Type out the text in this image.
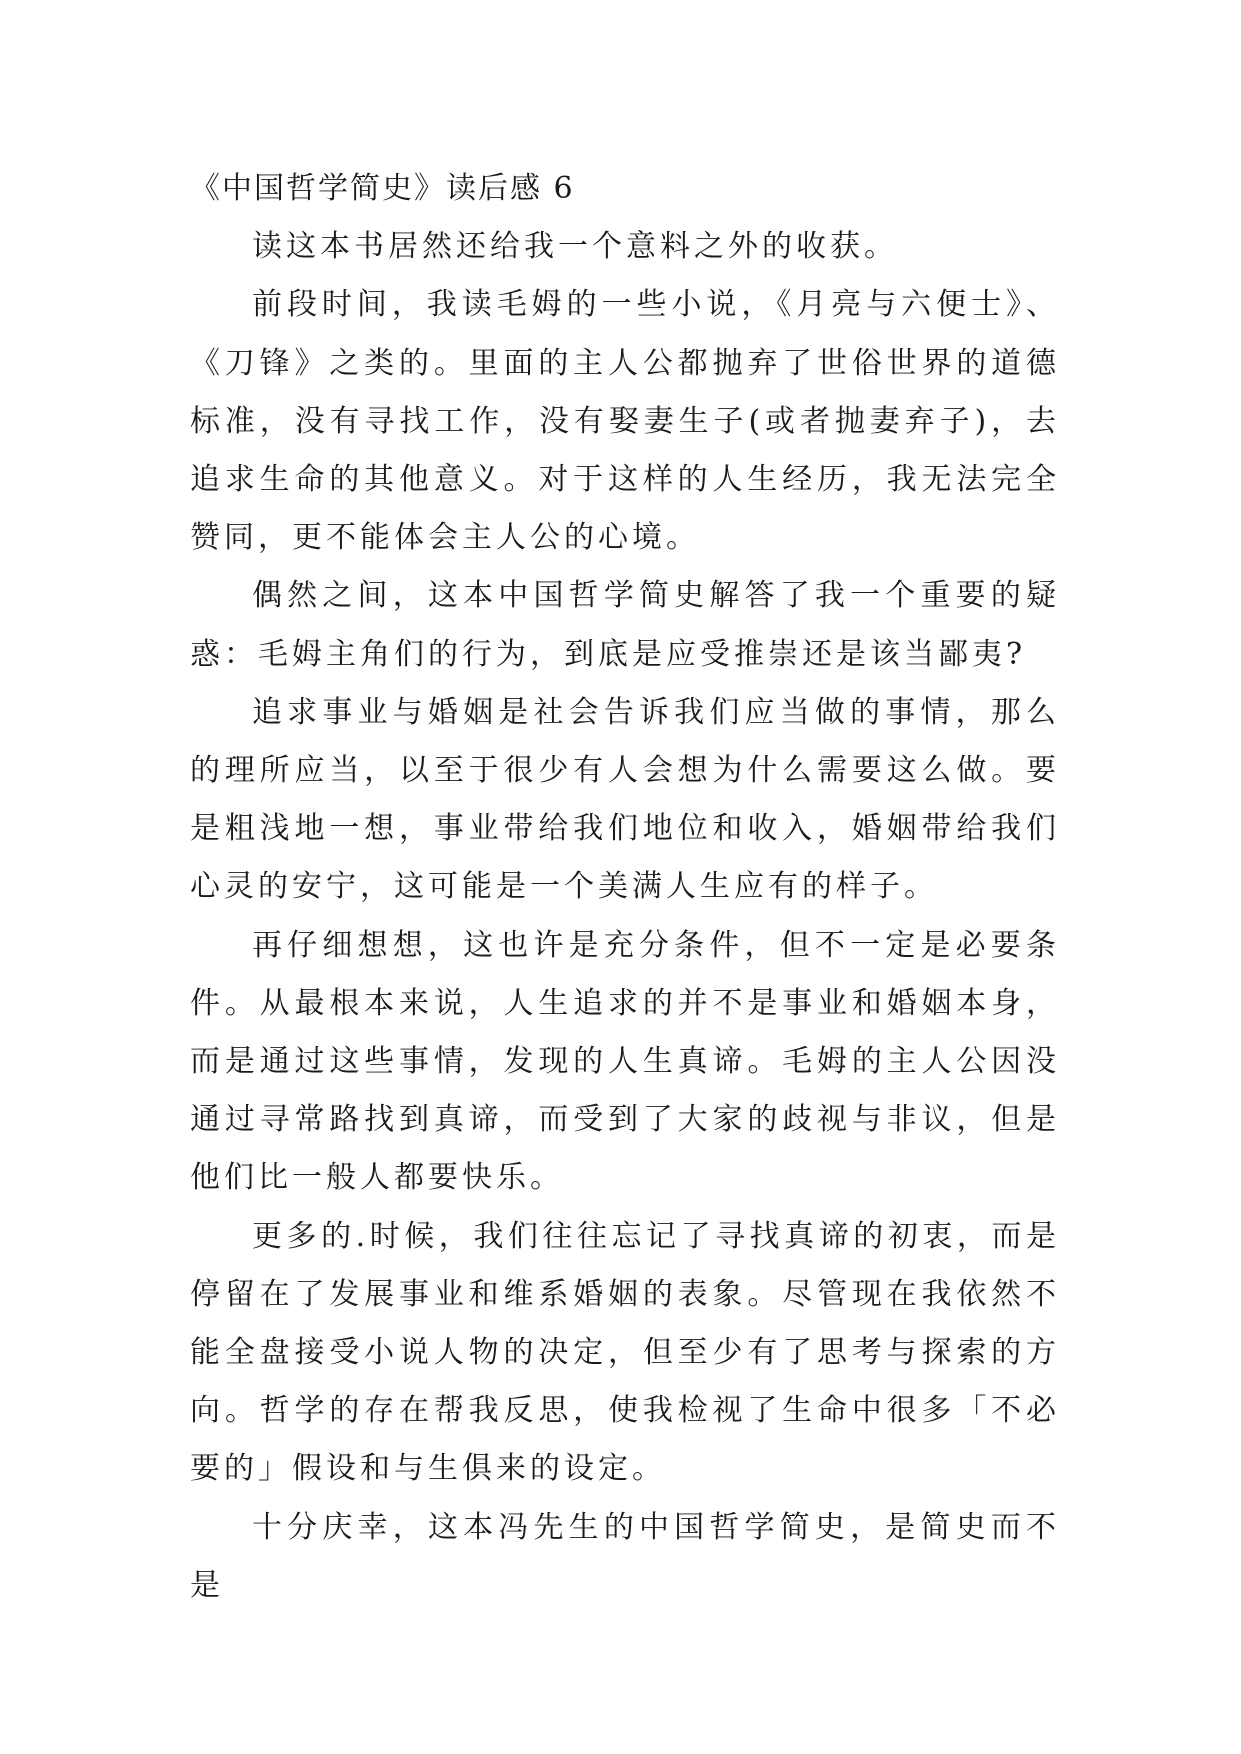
《中国哲学简史》读后感 6

读这本书居然还给我一个意料之外的收获。

前段时间，我读毛姆的一些小说，《月亮与六便士》、《刀锋》之类的。里面的主人公都抛弃了世俗世界的道德标准，没有寻找工作，没有娶妻生子(或者抛妻弃子)，去追求生命的其他意义。对于这样的人生经历，我无法完全赞同，更不能体会主人公的心境。

偶然之间，这本中国哲学简史解答了我一个重要的疑惑：毛姆主角们的行为，到底是应受推崇还是该当鄙夷?

追求事业与婚姻是社会告诉我们应当做的事情，那么的理所应当，以至于很少有人会想为什么需要这么做。要是粗浅地一想，事业带给我们地位和收入，婚姻带给我们心灵的安宁，这可能是一个美满人生应有的样子。

再仔细想想，这也许是充分条件，但不一定是必要条件。从最根本来说，人生追求的并不是事业和婚姻本身，而是通过这些事情，发现的人生真谛。毛姆的主人公因没通过寻常路找到真谛，而受到了大家的歧视与非议，但是他们比一般人都要快乐。

更多的.时候，我们往往忘记了寻找真谛的初衷，而是停留在了发展事业和维系婚姻的表象。尽管现在我依然不能全盘接受小说人物的决定，但至少有了思考与探索的方向。哲学的存在帮我反思，使我检视了生命中很多「不必要的」假设和与生俱来的设定。

十分庆幸，这本冯先生的中国哲学简史，是简史而不是
